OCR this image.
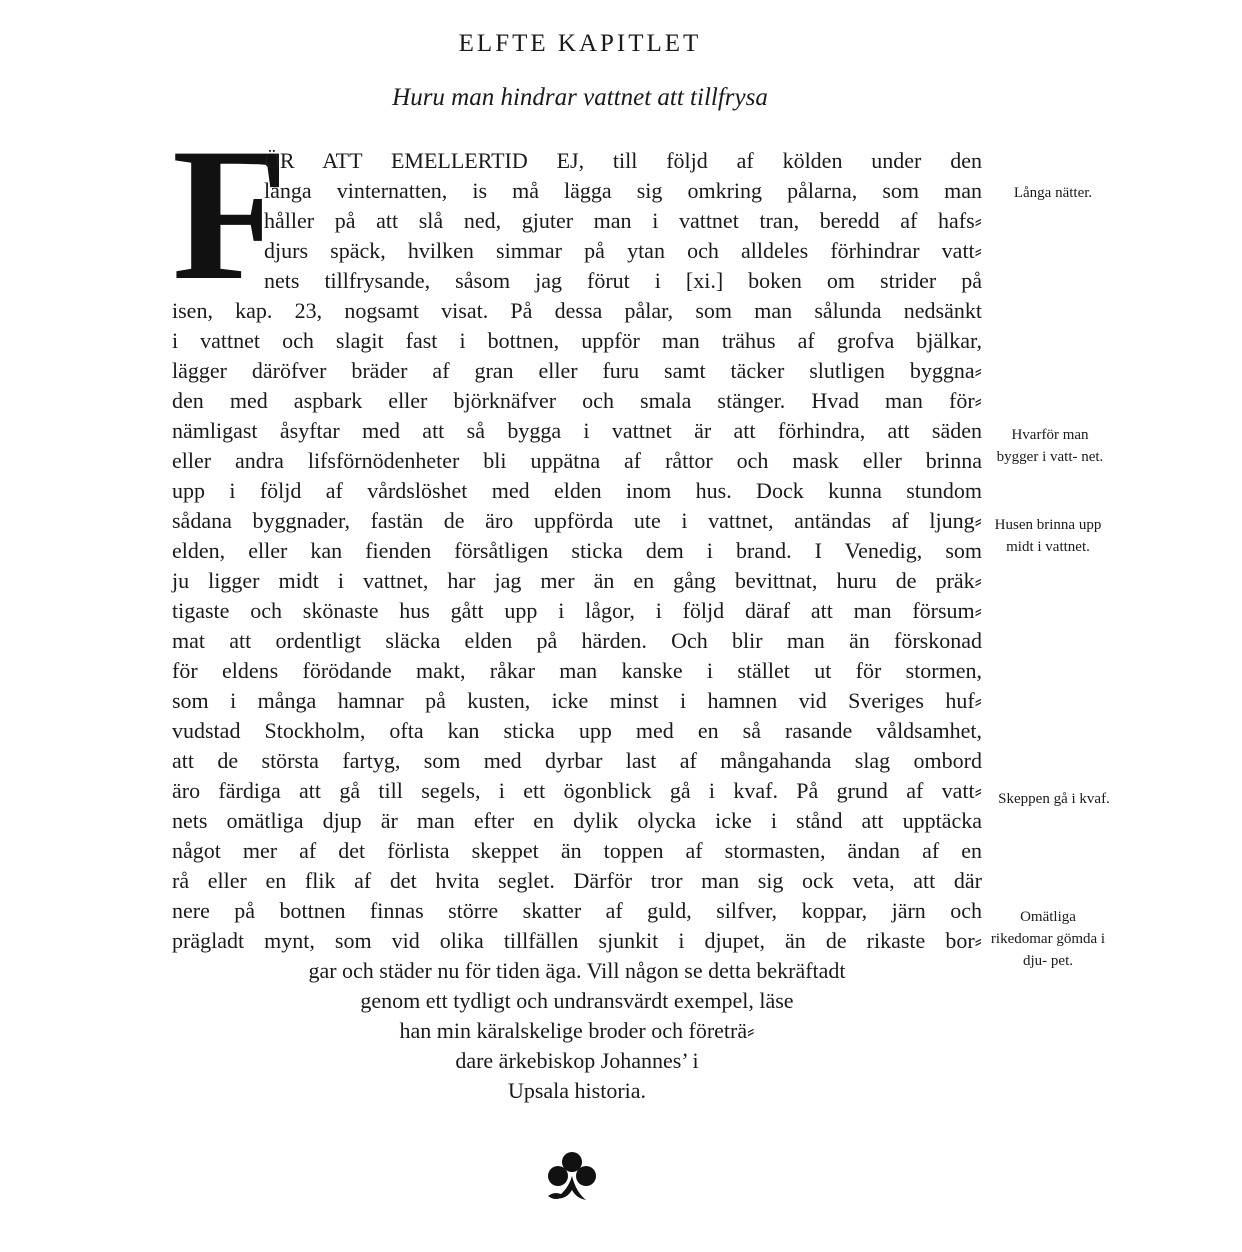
ELFTE KAPITLET
Huru man hindrar vattnet att tillfrysa
F
ÖR ATT EMELLERTID EJ, till följd af kölden under den
långa vinternatten, is må lägga sig omkring pålarna, som man
håller på att slå ned, gjuter man i vattnet tran, beredd af hafs⸗
djurs späck, hvilken simmar på ytan och alldeles förhindrar vatt⸗
nets tillfrysande, såsom jag förut i [xi.] boken om strider på
isen, kap. 23, nogsamt visat. På dessa pålar, som man sålunda nedsänkt
i vattnet och slagit fast i bottnen, uppför man trähus af grofva bjälkar,
lägger däröfver bräder af gran eller furu samt täcker slutligen byggna⸗
den med aspbark eller björknäfver och smala stänger. Hvad man för⸗
nämligast åsyftar med att så bygga i vattnet är att förhindra, att säden
eller andra lifsförnödenheter bli uppätna af råttor och mask eller brinna
upp i följd af vårdslöshet med elden inom hus. Dock kunna stundom
sådana byggnader, fastän de äro uppförda ute i vattnet, antändas af ljung⸗
elden, eller kan fienden försåtligen sticka dem i brand. I Venedig, som
ju ligger midt i vattnet, har jag mer än en gång bevittnat, huru de präk⸗
tigaste och skönaste hus gått upp i lågor, i följd däraf att man försum⸗
mat att ordentligt släcka elden på härden. Och blir man än förskonad
för eldens förödande makt, råkar man kanske i stället ut för stormen,
som i många hamnar på kusten, icke minst i hamnen vid Sveriges huf⸗
vudstad Stockholm, ofta kan sticka upp med en så rasande våldsamhet,
att de största fartyg, som med dyrbar last af mångahanda slag ombord
äro färdiga att gå till segels, i ett ögonblick gå i kvaf. På grund af vatt⸗
nets omätliga djup är man efter en dylik olycka icke i stånd att upptäcka
något mer af det förlista skeppet än toppen af stormasten, ändan af en
rå eller en flik af det hvita seglet. Därför tror man sig ock veta, att där
nere på bottnen finnas större skatter af guld, silfver, koppar, järn och
prägladt mynt, som vid olika tillfällen sjunkit i djupet, än de rikaste bor⸗
gar och städer nu för tiden äga. Vill någon se detta bekräftadt
genom ett tydligt och undransvärdt exempel, läse
han min käralskelige broder och företrä⸗
dare ärkebiskop Johannes’ i
Upsala historia.
Långa nätter.
Hvarför man bygger i vatt- net.
Husen brinna upp midt i vattnet.
Skeppen gå i kvaf.
Omätliga rikedomar gömda i dju- pet.
